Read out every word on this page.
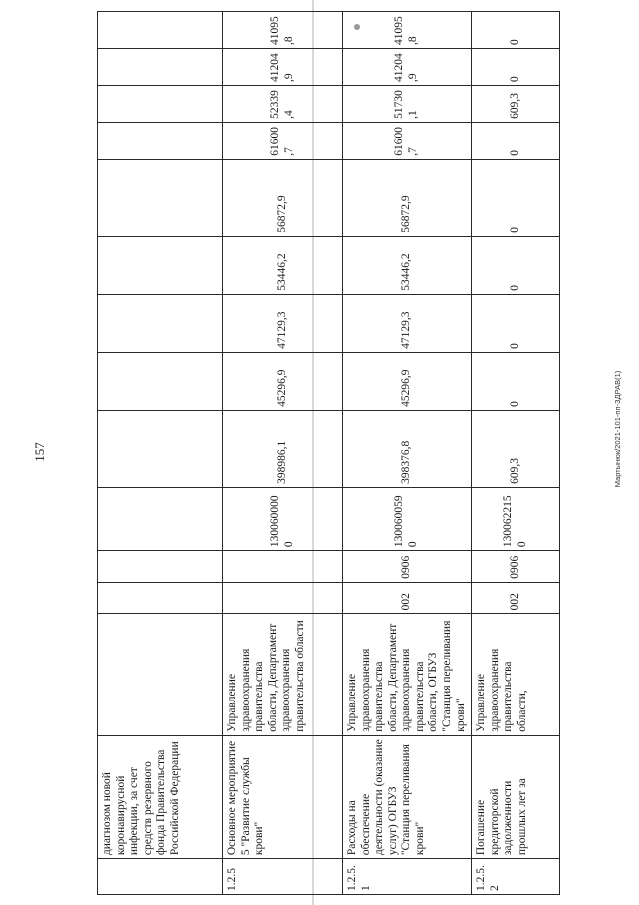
157	Мартынюк/2021-101-пп-ЗДРАВ(1)
	диагнозом новой коронавирусной инфекции, за счет средств резервного фонда Правительства Российской Федерации													
1.2.5	Основное мероприятие 5 "Развитие службы крови"	Управление здравоохранения правительства области, Департамент здравоохранения правительства области			1300600000	398986,1	45296,9	47129,3	53446,2	56872,9	61600,7	52339,4	41204,9	41095,8
1.2.5.1	Расходы на обеспечение деятельности (оказание услуг) ОГБУЗ "Станция переливания крови"	Управление здравоохранения правительства области, Департамент здравоохранения правительства области, ОГБУЗ "Станция переливания крови"	002	0906	1300600590	398376,8	45296,9	47129,3	53446,2	56872,9	61600,7	51730,1	41204,9	41095,8
1.2.5.2	Погашение кредиторской задолженности прошлых лет за	Управление здравоохранения правительства области,	002	0906	1300622150	609,3	0	0	0	0	0	609,3	0	0
